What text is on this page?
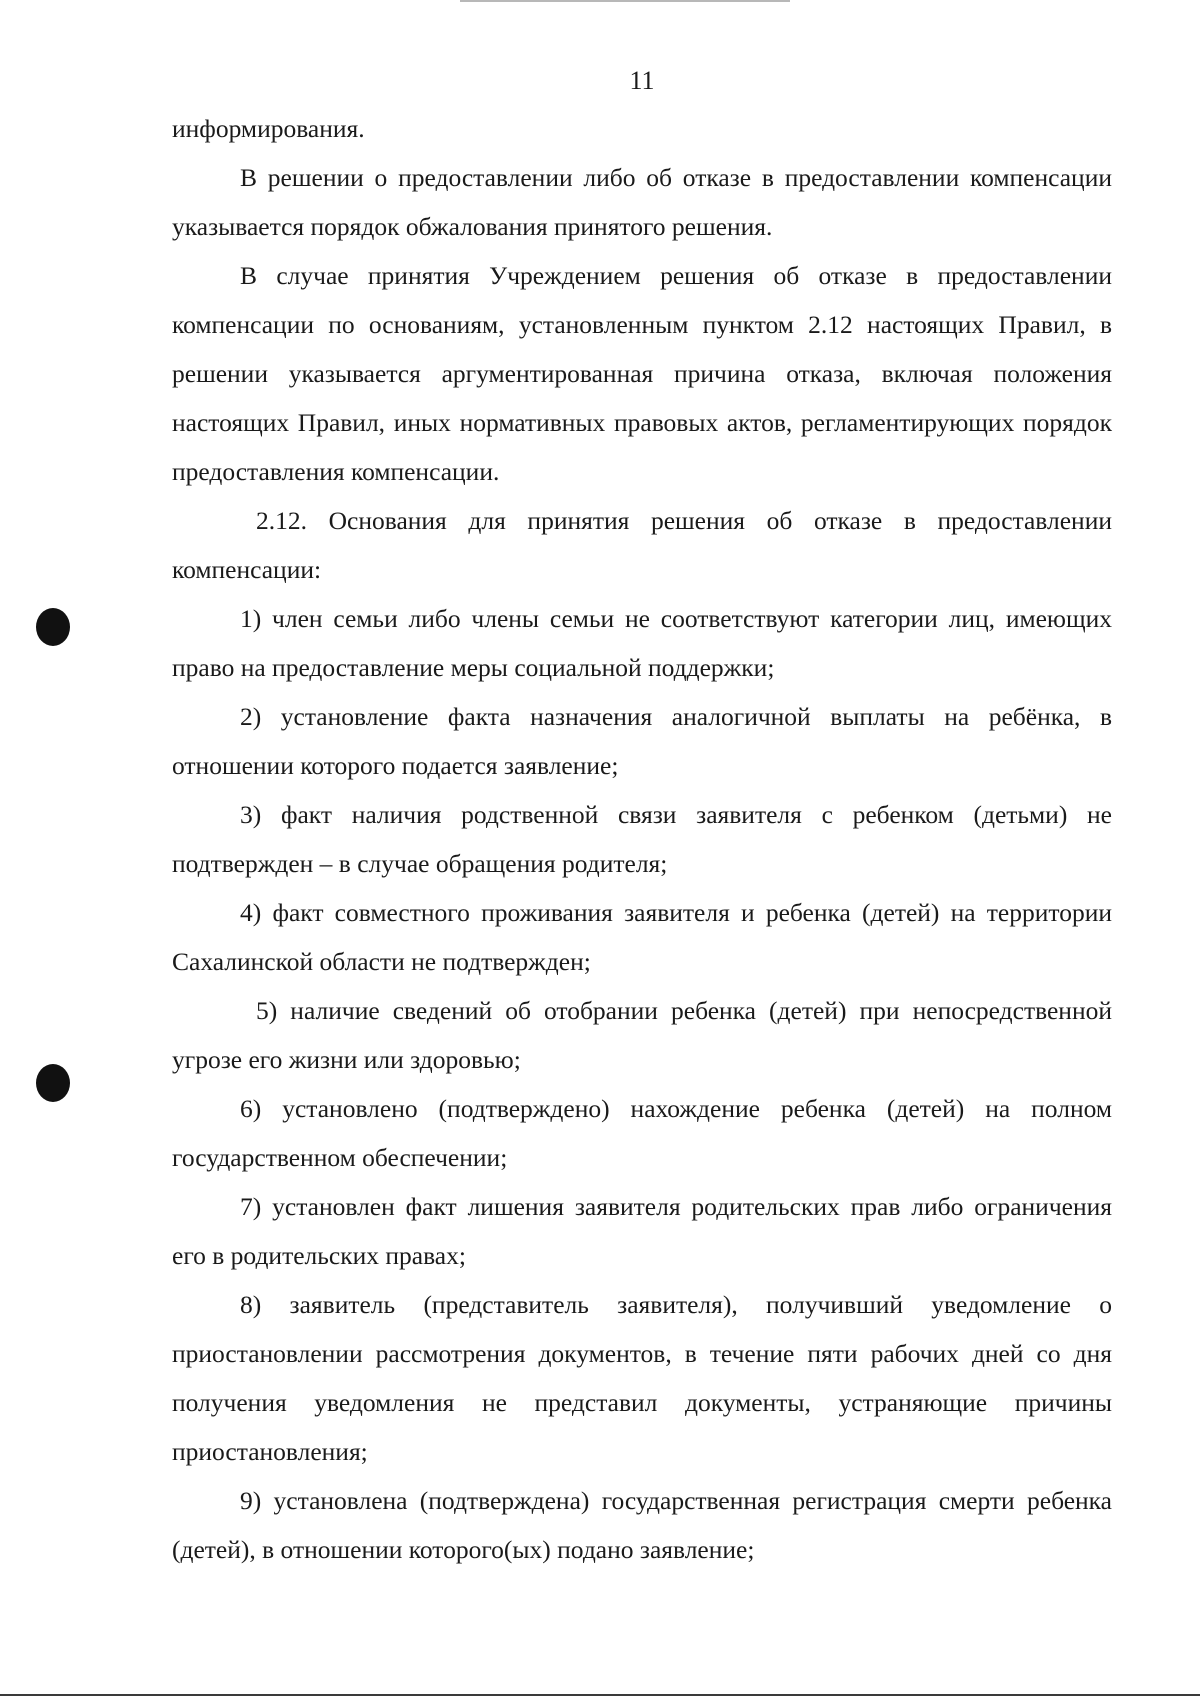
11

информирования.

В решении о предоставлении либо об отказе в предоставлении компенсации указывается порядок обжалования принятого решения.

В случае принятия Учреждением решения об отказе в предоставлении компенсации по основаниям, установленным пунктом 2.12 настоящих Правил, в решении указывается аргументированная причина отказа, включая положения настоящих Правил, иных нормативных правовых актов, регламентирующих порядок предоставления компенсации.

2.12. Основания для принятия решения об отказе в предоставлении компенсации:

1) член семьи либо члены семьи не соответствуют категории лиц, имеющих право на предоставление меры социальной поддержки;

2) установление факта назначения аналогичной выплаты на ребёнка, в отношении которого подается заявление;

3) факт наличия родственной связи заявителя с ребенком (детьми) не подтвержден – в случае обращения родителя;

4) факт совместного проживания заявителя и ребенка (детей) на территории Сахалинской области не подтвержден;

5) наличие сведений об отобрании ребенка (детей) при непосредственной угрозе его жизни или здоровью;

6) установлено (подтверждено) нахождение ребенка (детей) на полном государственном обеспечении;

7) установлен факт лишения заявителя родительских прав либо ограничения его в родительских правах;

8) заявитель (представитель заявителя), получивший уведомление о приостановлении рассмотрения документов, в течение пяти рабочих дней со дня получения уведомления не представил документы, устраняющие причины приостановления;

9) установлена (подтверждена) государственная регистрация смерти ребенка (детей), в отношении которого(ых) подано заявление;
